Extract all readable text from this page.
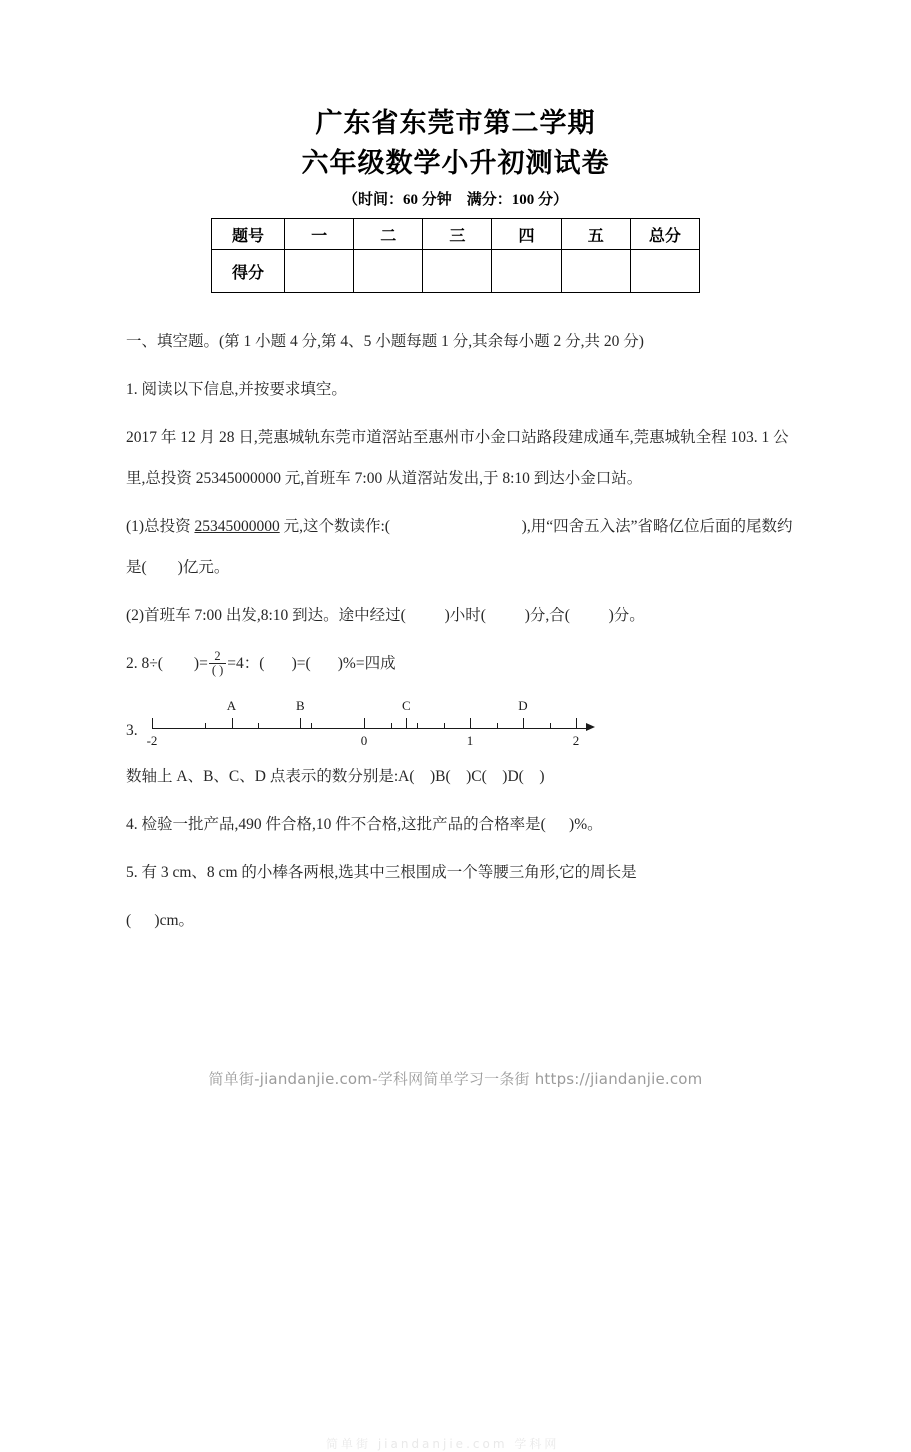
广东省东莞市第二学期
六年级数学小升初测试卷
（时间：60 分钟　满分：100 分）
题号	一	二	三	四	五	总分
得分						

一、填空题。(第 1 小题 4 分,第 4、5 小题每题 1 分,其余每小题 2 分,共 20 分)

1. 阅读以下信息,并按要求填空。

2017 年 12 月 28 日,莞惠城轨东莞市道滘站至惠州市小金口站路段建成通车,莞惠城轨全程 103. 1 公里,总投资 25345000000 元,首班车 7:00 从道滘站发出,于 8:10 到达小金口站。

(1)总投资 25345000000 元,这个数读作:(	),用“四舍五入法”省略亿位后面的尾数约是( )亿元。

(2)首班车 7:00 出发,8:10 到达。途中经过(	)小时(	)分,合(	)分。

2. 8÷( )= $\frac{2}{( )} =4$：( )=( )%=四成

3.
简单街 jiandanjie.com 学科网
-2	0	1	2
A	B	C	D

数轴上 A、B、C、D 点表示的数分别是:A(    )B(    )C(    )D(    )

4. 检验一批产品,490 件合格,10 件不合格,这批产品的合格率是(      )%。

5. 有 3 cm、8 cm 的小棒各两根,选其中三根围成一个等腰三角形,它的周长是

(      )cm。

简单街-jiandanjie.com-学科网简单学习一条街 https://jiandanjie.com
